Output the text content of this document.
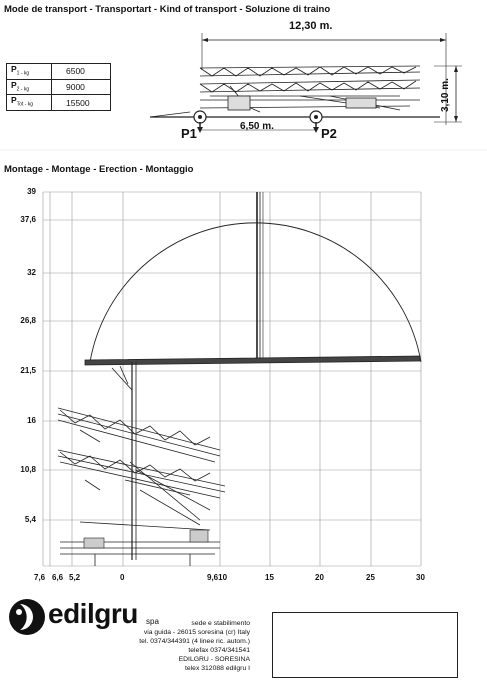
Mode de transport - Transportart - Kind of transport - Soluzione di traino
$P_1$ $_{- kg}$	6500
$P_2$ $_{- kg}$	9000
$P_{Tot}$ $_{- kg}$	15500
12,30 m.
3,10 m.
6,50 m.
P1	P2
Montage - Montage - Erection - Montaggio
39
37,6
32
26,8
21,5
16
10,8
5,4
7,6 6,6 5,2	0	9,610	15	20	25	30
edilgru spa	sede e stabilimento
via guida - 26015 soresina (cr) Italy
tel. 0374/344391 (4 linee ric. autom.)
telefax 0374/341541
EDILGRU - SORESINA
telex 312088 edilgru I
